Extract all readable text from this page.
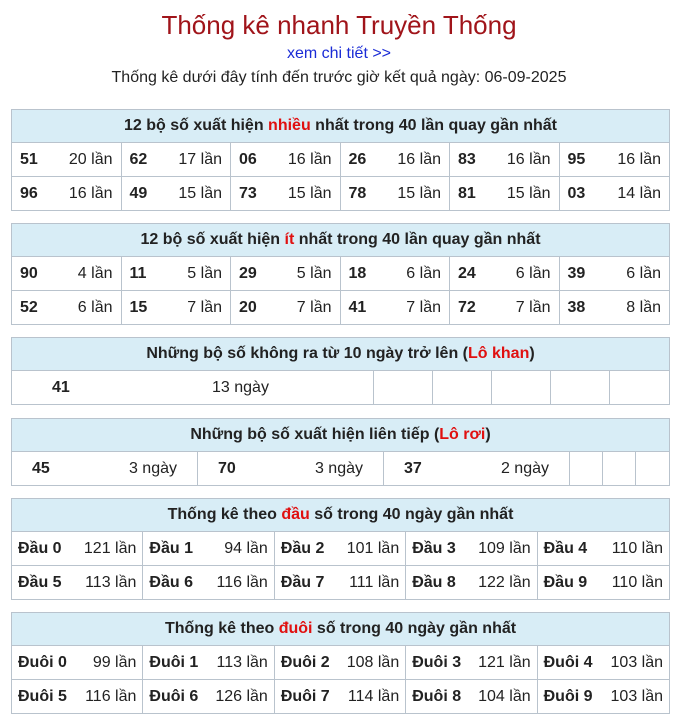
Thống kê nhanh Truyền Thống
xem chi tiết >>
Thống kê dưới đây tính đến trước giờ kết quả ngày: 06-09-2025
12 bộ số xuất hiện nhiều nhất trong 40 lần quay gần nhất
51 20 lần 62 17 lần 06 16 lần 26 16 lần 83 16 lần 95 16 lần
96 16 lần 49 15 lần 73 15 lần 78 15 lần 81 15 lần 03 14 lần
12 bộ số xuất hiện ít nhất trong 40 lần quay gần nhất
90	4 lần 11	5 lần 29	5 lần 18	6 lần 24	6 lần 39	6 lần
52	6 lần 15	7 lần 20	7 lần 41	7 lần 72	7 lần 38	8 lần
Những bộ số không ra từ 10 ngày trở lên (Lô khan)
41	13 ngày
Những bộ số xuất hiện liên tiếp (Lô rơi)
45	3 ngày	70	3 ngày	37	2 ngày
Thống kê theo đầu số trong 40 ngày gần nhất
Đầu 0 121 lần Đầu 1 94 lần Đầu 2 101 lần Đầu 3 109 lần Đầu 4 110 lần
Đầu 5 113 lần Đầu 6 116 lần Đầu 7 111 lần Đầu 8 122 lần Đầu 9 110 lần
Thống kê theo đuôi số trong 40 ngày gần nhất
Đuôi 0 99 lần Đuôi 1 113 lần Đuôi 2 108 lần Đuôi 3 121 lần Đuôi 4 103 lần
Đuôi 5 116 lần Đuôi 6 126 lần Đuôi 7 114 lần Đuôi 8 104 lần Đuôi 9 103 lần
